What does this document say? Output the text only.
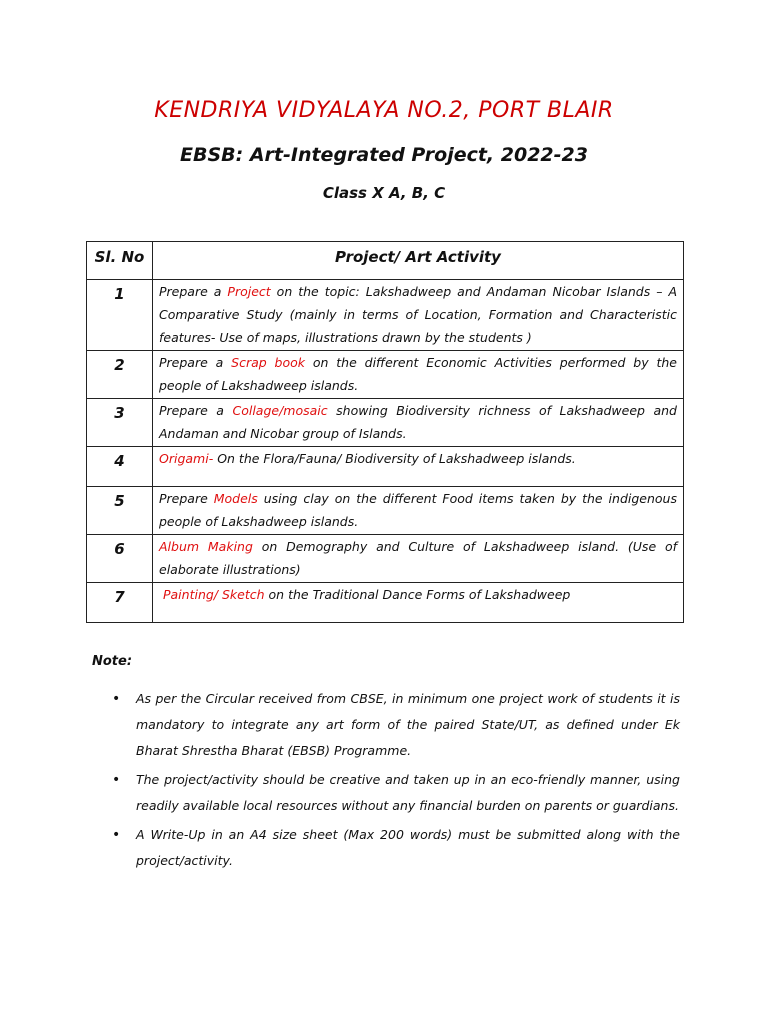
KENDRIYA VIDYALAYA NO.2, PORT BLAIR
EBSB: Art-Integrated Project, 2022-23
Class X A, B, C
Sl. No	Project/ Art Activity
1	Prepare a Project on the topic: Lakshadweep and Andaman Nicobar Islands – A Comparative Study (mainly in terms of Location, Formation and Characteristic features- Use of maps, illustrations drawn by the students )
2	Prepare a Scrap book on the different Economic Activities performed by the people of Lakshadweep islands.
3	Prepare a Collage/mosaic showing Biodiversity richness of Lakshadweep and Andaman and Nicobar group of Islands.
4	Origami- On the Flora/Fauna/ Biodiversity of Lakshadweep islands.
5	Prepare Models using clay on the different Food items taken by the indigenous people of Lakshadweep islands.
6	Album Making on Demography and Culture of Lakshadweep island. (Use of elaborate illustrations)
7	Painting/ Sketch on the Traditional Dance Forms of Lakshadweep
Note:
• As per the Circular received from CBSE, in minimum one project work of students it is mandatory to integrate any art form of the paired State/UT, as defined under Ek Bharat Shrestha Bharat (EBSB) Programme.
• The project/activity should be creative and taken up in an eco-friendly manner, using readily available local resources without any financial burden on parents or guardians.
• A Write-Up in an A4 size sheet (Max 200 words) must be submitted along with the project/activity.
